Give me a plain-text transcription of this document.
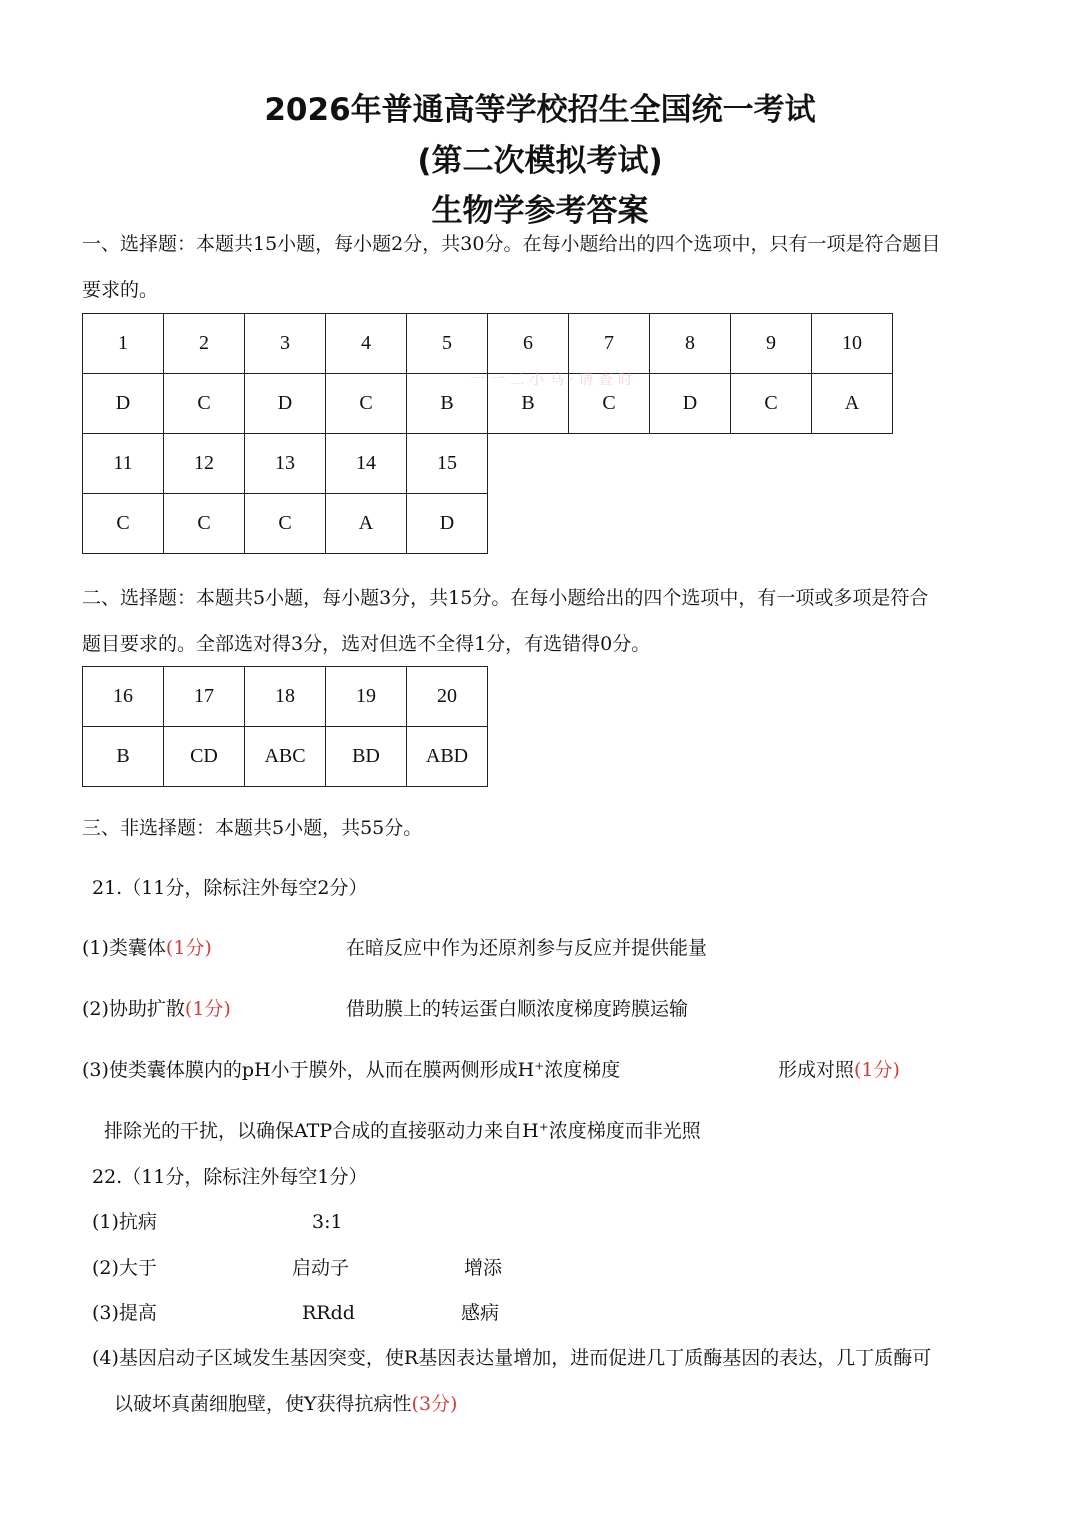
2026年普通高等学校招生全国统一考试
(第二次模拟考试)
生物学参考答案
一、选择题：本题共15小题，每小题2分，共30分。在每小题给出的四个选项中，只有一项是符合题目
要求的。
1	2	3	4	5	6	7	8	9	10
D	C	D	C	B	B	C	D	C	A
11	12	13	14	15					
C	C	C	A	D					
一 一 二 小 马 · 请 查 时
二、选择题：本题共5小题，每小题3分，共15分。在每小题给出的四个选项中，有一项或多项是符合
题目要求的。全部选对得3分，选对但选不全得1分，有选错得0分。
16	17	18	19	20
B	CD	ABC	BD	ABD
三、非选择题：本题共5小题，共55分。
21.（11分，除标注外每空2分）
(1)类囊体(1分)	在暗反应中作为还原剂参与反应并提供能量
(2)协助扩散(1分)	借助膜上的转运蛋白顺浓度梯度跨膜运输
(3)使类囊体膜内的pH小于膜外，从而在膜两侧形成H⁺浓度梯度	形成对照(1分)
排除光的干扰，以确保ATP合成的直接驱动力来自H⁺浓度梯度而非光照
22.（11分，除标注外每空1分）
(1)抗病	3:1
(2)大于	启动子	增添
(3)提高	RRdd	感病
(4)基因启动子区域发生基因突变，使R基因表达量增加，进而促进几丁质酶基因的表达，几丁质酶可
以破坏真菌细胞壁，使Y获得抗病性(3分)
